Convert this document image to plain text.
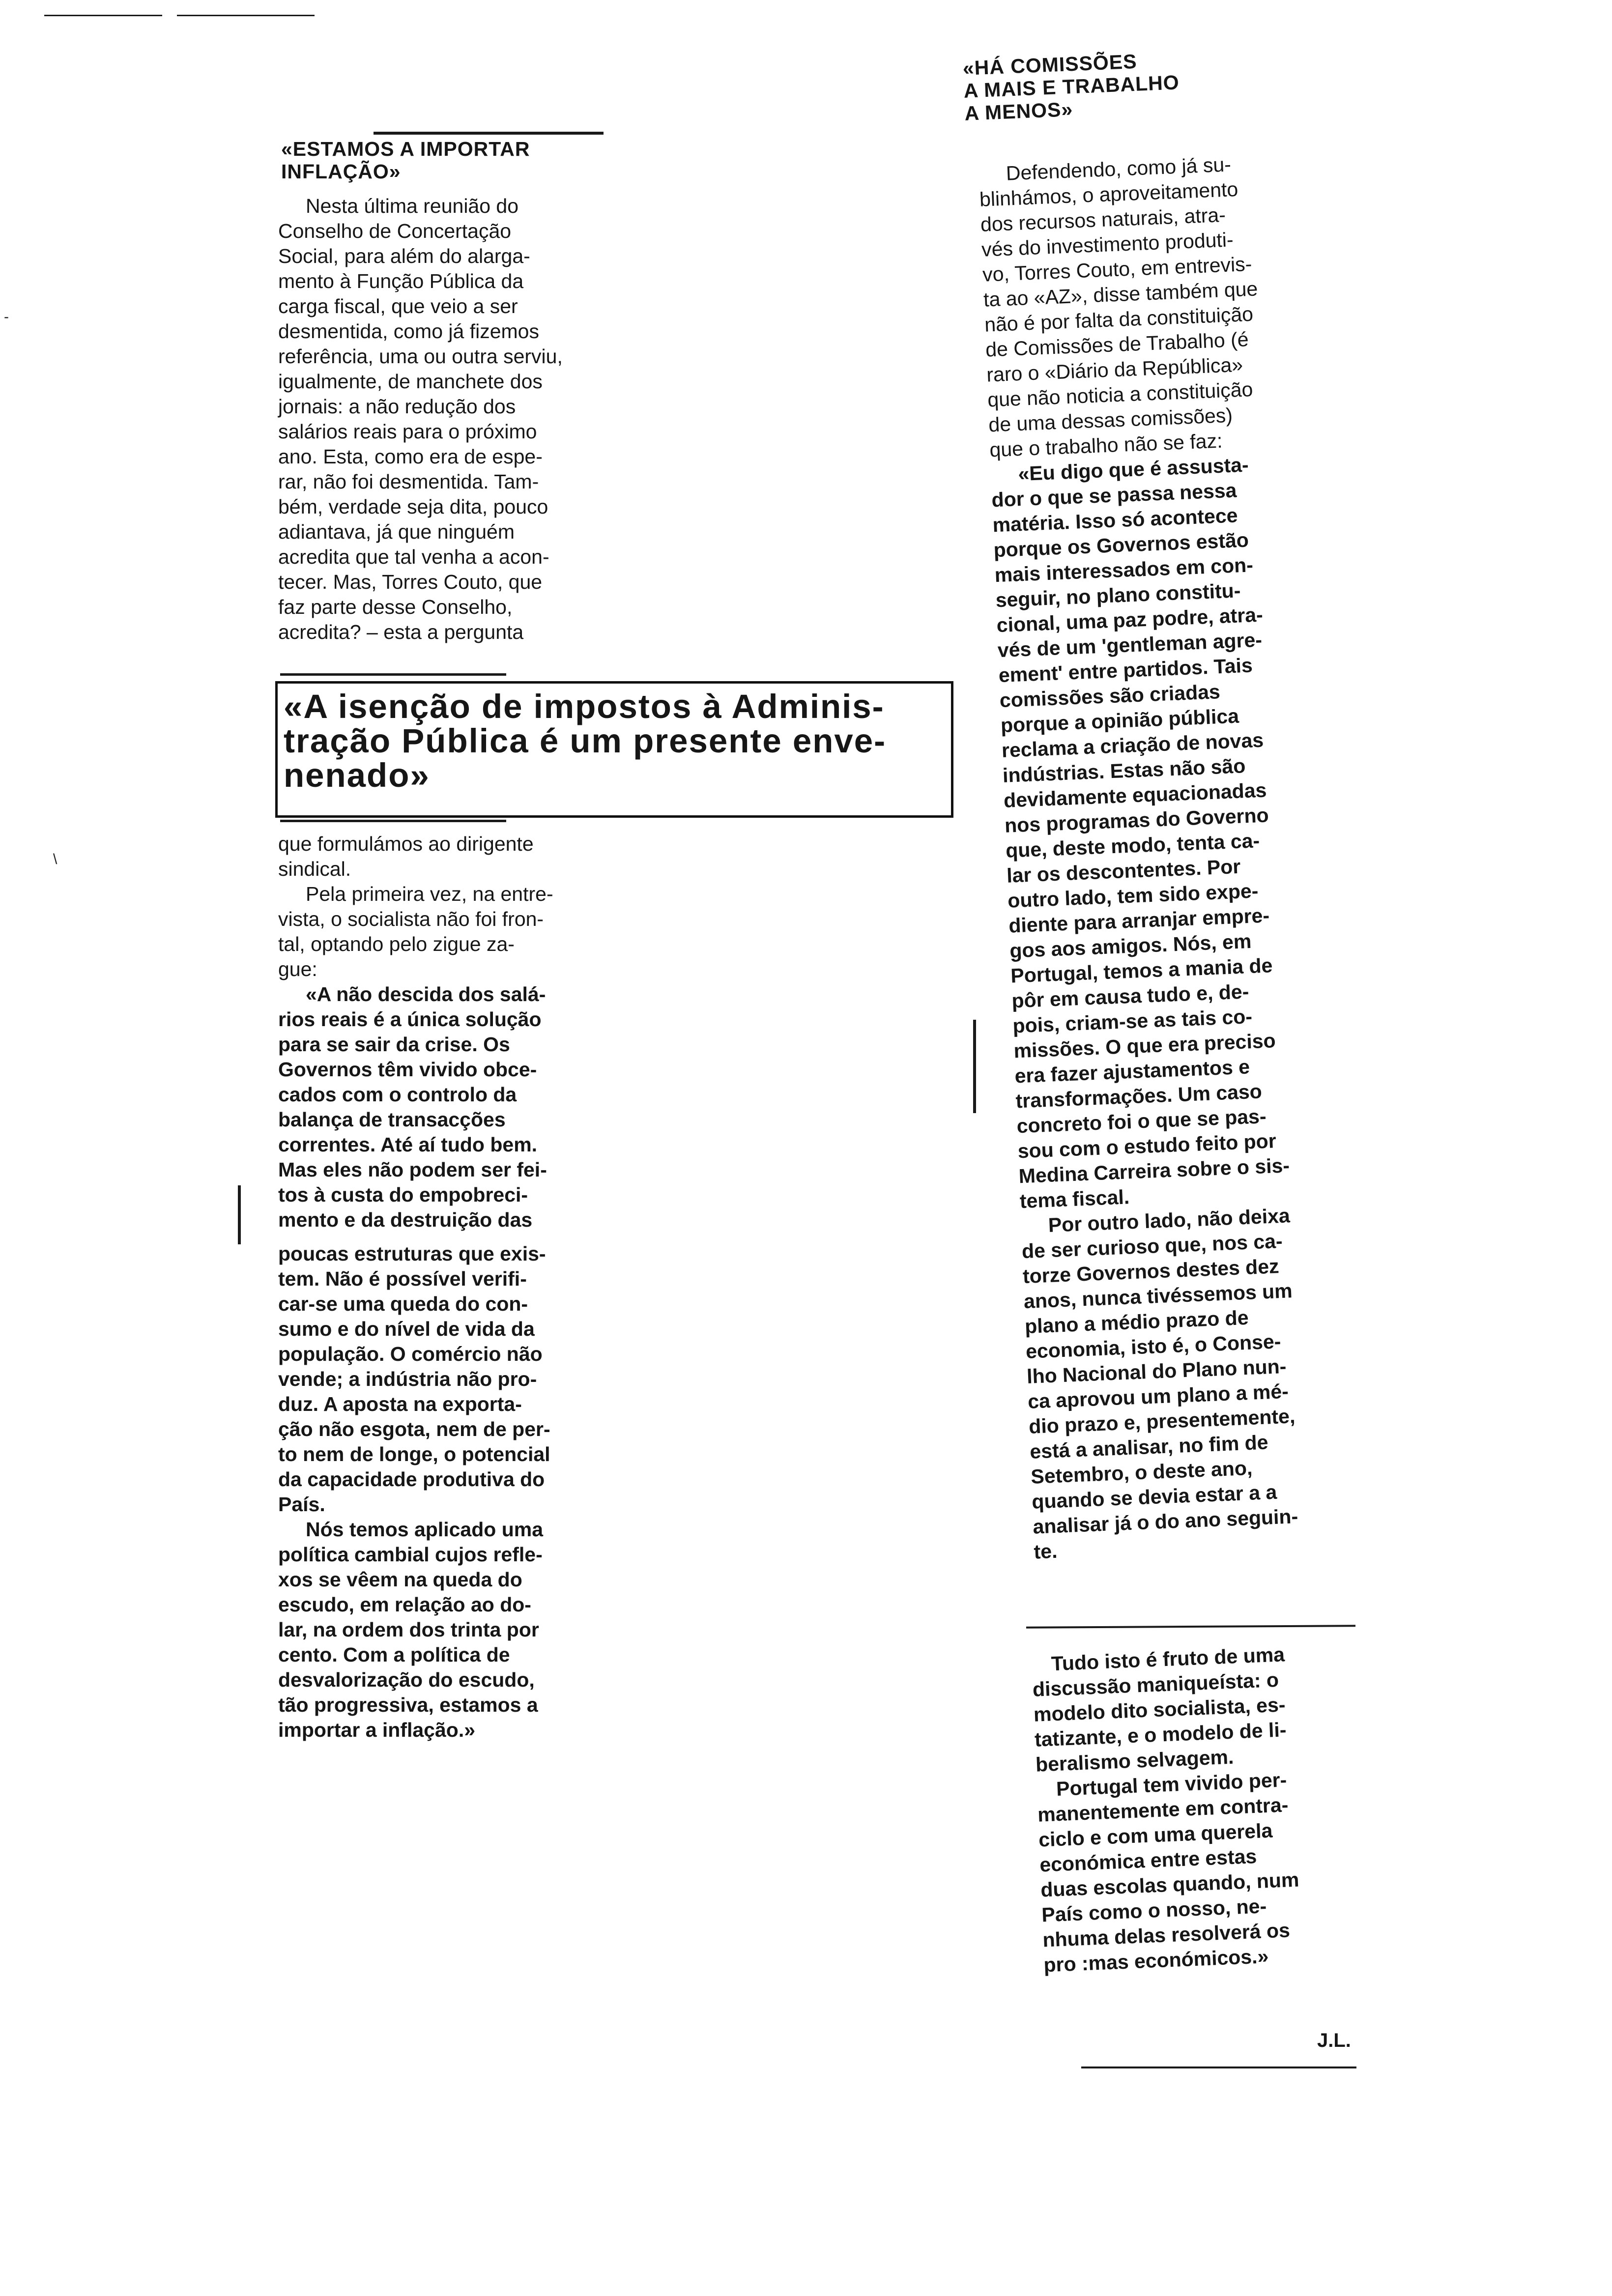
\
-
«ESTAMOS A IMPORTAR
INFLAÇÃO»
Nesta última reunião do
Conselho de Concertação
Social, para além do alarga-
mento à Função Pública da
carga fiscal, que veio a ser
desmentida, como já fizemos
referência, uma ou outra serviu,
igualmente, de manchete dos
jornais: a não redução dos
salários reais para o próximo
ano. Esta, como era de espe-
rar, não foi desmentida. Tam-
bém, verdade seja dita, pouco
adiantava, já que ninguém
acredita que tal venha a acon-
tecer. Mas, Torres Couto, que
faz parte desse Conselho,
acredita? – esta a pergunta
«A isenção de impostos à Adminis-
tração Pública é um presente enve-
nenado»
que formulámos ao dirigente
sindical.
Pela primeira vez, na entre-
vista, o socialista não foi fron-
tal, optando pelo zigue za-
gue:
«A não descida dos salá-
rios reais é a única solução
para se sair da crise. Os
Governos têm vivido obce-
cados com o controlo da
balança de transacções
correntes. Até aí tudo bem.
Mas eles não podem ser fei-
tos à custa do empobreci-
mento e da destruição das
poucas estruturas que exis-
tem. Não é possível verifi-
car-se uma queda do con-
sumo e do nível de vida da
população. O comércio não
vende; a indústria não pro-
duz. A aposta na exporta-
ção não esgota, nem de per-
to nem de longe, o potencial
da capacidade produtiva do
País.
Nós temos aplicado uma
política cambial cujos refle-
xos se vêem na queda do
escudo, em relação ao do-
lar, na ordem dos trinta por
cento. Com a política de
desvalorização do escudo,
tão progressiva, estamos a
importar a inflação.»
«HÁ COMISSÕES
A MAIS E TRABALHO
A MENOS»
Defendendo, como já su-
blinhámos, o aproveitamento
dos recursos naturais, atra-
vés do investimento produti-
vo, Torres Couto, em entrevis-
ta ao «AZ», disse também que
não é por falta da constituição
de Comissões de Trabalho (é
raro o «Diário da República»
que não noticia a constituição
de uma dessas comissões)
que o trabalho não se faz:
«Eu digo que é assusta-
dor o que se passa nessa
matéria. Isso só acontece
porque os Governos estão
mais interessados em con-
seguir, no plano constitu-
cional, uma paz podre, atra-
vés de um 'gentleman agre-
ement' entre partidos. Tais
comissões são criadas
porque a opinião pública
reclama a criação de novas
indústrias. Estas não são
devidamente equacionadas
nos programas do Governo
que, deste modo, tenta ca-
lar os descontentes. Por
outro lado, tem sido expe-
diente para arranjar empre-
gos aos amigos. Nós, em
Portugal, temos a mania de
pôr em causa tudo e, de-
pois, criam-se as tais co-
missões. O que era preciso
era fazer ajustamentos e
transformações. Um caso
concreto foi o que se pas-
sou com o estudo feito por
Medina Carreira sobre o sis-
tema fiscal.
Por outro lado, não deixa
de ser curioso que, nos ca-
torze Governos destes dez
anos, nunca tivéssemos um
plano a médio prazo de
economia, isto é, o Conse-
lho Nacional do Plano nun-
ca aprovou um plano a mé-
dio prazo e, presentemente,
está a analisar, no fim de
Setembro, o deste ano,
quando se devia estar a a
analisar já o do ano seguin-
te.
Tudo isto é fruto de uma
discussão maniqueísta: o
modelo dito socialista, es-
tatizante, e o modelo de li-
beralismo selvagem.
Portugal tem vivido per-
manentemente em contra-
ciclo e com uma querela
económica entre estas
duas escolas quando, num
País como o nosso, ne-
nhuma delas resolverá os
pro :mas económicos.»
J.L.
